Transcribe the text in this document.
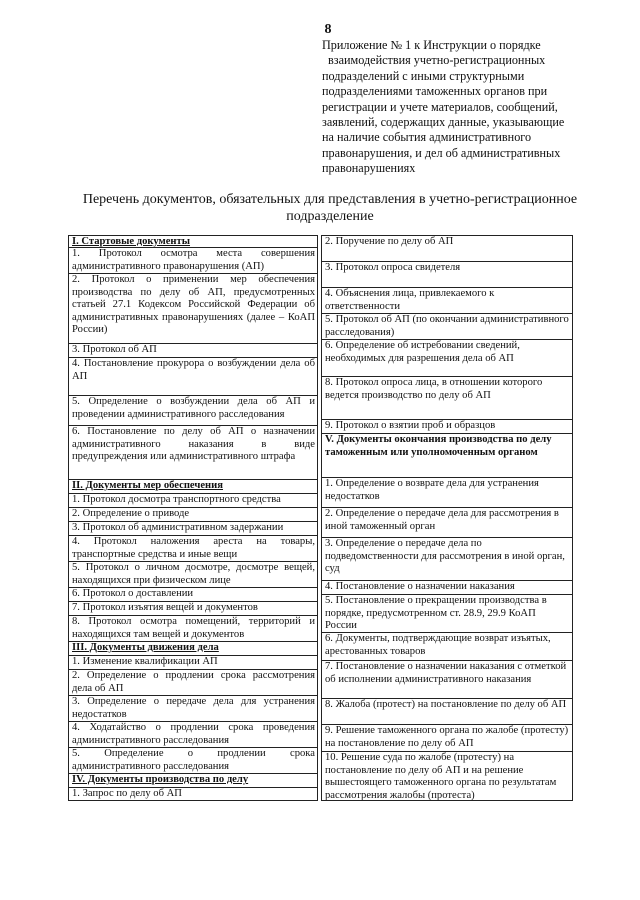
8
Приложение № 1 к Инструкции о порядке
взаимодействия учетно-регистрационных
подразделений с иными структурными
подразделениями таможенных органов при
регистрации и учете материалов, сообщений,
заявлений, содержащих данные, указывающие
на наличие события административного
правонарушения, и дел об административных
правонарушениях
Перечень документов, обязательных для представления в учетно-регистрационное
подразделение
I. Стартовые документы
1. Протокол осмотра места совершения административного правонарушения (АП)
2. Протокол о применении мер обеспечения производства по делу об АП, предусмотренных статьей 27.1 Кодексом Российской Федерации об административных правонарушениях (далее – КоАП России)
3. Протокол об АП
4. Постановление прокурора о возбуждении дела об АП
5. Определение о возбуждении дела об АП и проведении административного расследования
6. Постановление по делу об АП о назначении административного наказания в виде предупреждения или административного штрафа
II. Документы мер обеспечения
1. Протокол досмотра транспортного средства
2. Определение о приводе
3. Протокол об административном задержании
4. Протокол наложения ареста на товары, транспортные средства и иные вещи
5. Протокол о личном досмотре, досмотре вещей, находящихся при физическом лице
6. Протокол о доставлении
7. Протокол изъятия вещей и документов
8. Протокол осмотра помещений, территорий и находящихся там вещей и документов
III. Документы движения дела
1. Изменение квалификации АП
2. Определение о продлении срока рассмотрения дела об АП
3. Определение о передаче дела для устранения недостатков
4. Ходатайство о продлении срока проведения административного расследования
5. Определение о продлении срока административного расследования
IV. Документы производства по делу
1. Запрос по делу об АП
2. Поручение по делу об АП
3. Протокол опроса свидетеля
4. Объяснения лица, привлекаемого к ответственности
5. Протокол об АП (по окончании административного расследования)
6. Определение об истребовании сведений, необходимых для разрешения дела об АП
8. Протокол опроса лица, в отношении которого ведется производство по делу об АП
9. Протокол о взятии проб и образцов
V. Документы окончания производства по делу таможенным или уполномоченным органом
1. Определение о возврате дела для устранения недостатков
2. Определение о передаче дела для рассмотрения в иной таможенный орган
3. Определение о передаче дела по подведомственности для рассмотрения в иной орган, суд
4. Постановление о назначении наказания
5. Постановление о прекращении производства в порядке, предусмотренном ст. 28.9, 29.9 КоАП России
6. Документы, подтверждающие возврат изъятых, арестованных товаров
7. Постановление о назначении наказания с отметкой об исполнении административного наказания
8. Жалоба (протест) на постановление по делу об АП
9. Решение таможенного органа по жалобе (протесту) на постановление по делу об АП
10. Решение суда по жалобе (протесту) на постановление по делу об АП и на решение вышестоящего таможенного органа по результатам рассмотрения жалобы (протеста)
